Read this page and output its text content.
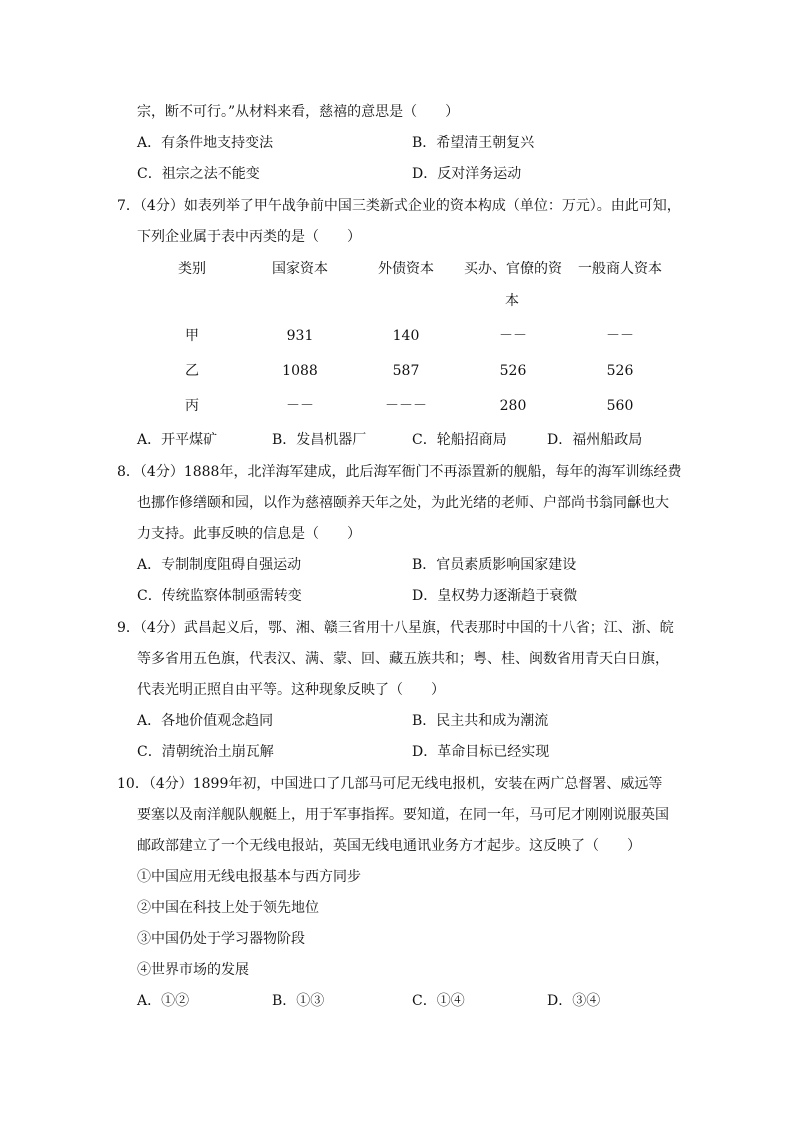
宗，断不可行。”从材料来看，慈禧的意思是（　　）
A．有条件地支持变法	B．希望清王朝复兴
C．祖宗之法不能变	D．反对洋务运动
7．（4分）如表列举了甲午战争前中国三类新式企业的资本构成（单位：万元）。由此可知，
下列企业属于表中丙类的是（　　）
类别	国家资本	外债资本	买办、官僚的资	一般商人资本
本
甲	931	140	－－	－－
乙	1088	587	526	526
丙	－－	－－－	280	560
A．开平煤矿	B．发昌机器厂	C．轮船招商局	D．福州船政局
8．（4分）1888年，北洋海军建成，此后海军衙门不再添置新的舰船，每年的海军训练经费
也挪作修缮颐和园，以作为慈禧颐养天年之处，为此光绪的老师、户部尚书翁同龢也大
力支持。此事反映的信息是（　　）
A．专制制度阻碍自强运动	B．官员素质影响国家建设
C．传统监察体制亟需转变	D．皇权势力逐渐趋于衰微
9．（4分）武昌起义后，鄂、湘、赣三省用十八星旗，代表那时中国的十八省；江、浙、皖
等多省用五色旗，代表汉、满、蒙、回、藏五族共和；粤、桂、闽数省用青天白日旗，
代表光明正照自由平等。这种现象反映了（　　）
A．各地价值观念趋同	B．民主共和成为潮流
C．清朝统治土崩瓦解	D．革命目标已经实现
10．（4分）1899年初，中国进口了几部马可尼无线电报机，安装在两广总督署、威远等
要塞以及南洋舰队舰艇上，用于军事指挥。要知道，在同一年，马可尼才刚刚说服英国
邮政部建立了一个无线电报站，英国无线电通讯业务方才起步。这反映了（　　）
①中国应用无线电报基本与西方同步
②中国在科技上处于领先地位
③中国仍处于学习器物阶段
④世界市场的发展
A．①②	B．①③	C．①④	D．③④
